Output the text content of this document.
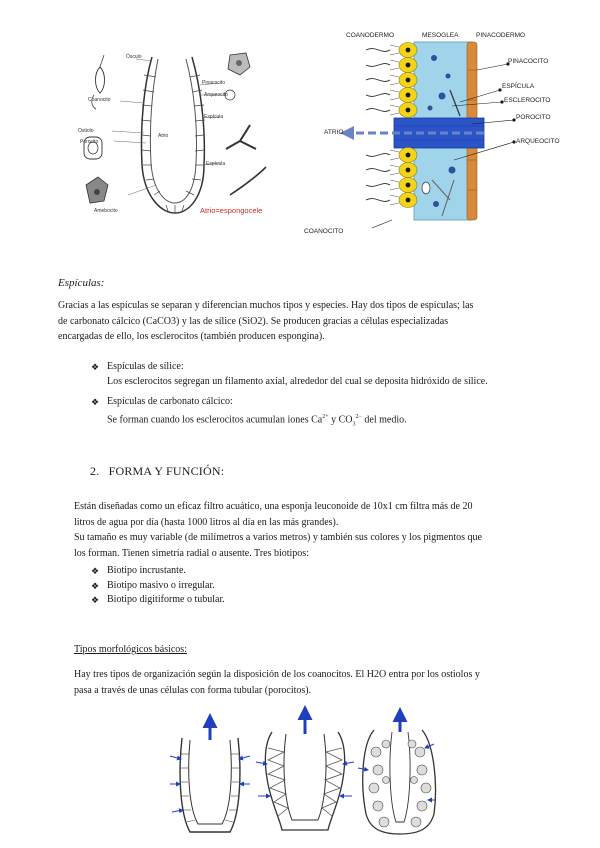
Ósculo
Coanocito
Ostiolo
Porocito
Atrio
Amebocito
Pinacocito
Arqueocito
Espícula
Espícula
Atrio=espongocele
COANODERMO	MESOGLEA	PINACODERMO
PINACOCITO
ESPÍCULA
ESCLEROCITO
POROCITO
ATRIO
ARQUEOCITO
COANOCITO
Espículas:
Gracias a las espículas se separan y diferencian muchos tipos y especies. Hay dos tipos de espículas; las
de carbonato cálcico (CaCO3) y las de sílice (SiO2). Se producen gracias a células especializadas
encargadas de ello, los esclerocitos (también producen espongina).
❖ Espículas de sílice:
Los esclerocitos segregan un filamento axial, alrededor del cual se deposita hidróxido de sílice.
❖ Espículas de carbonato cálcico:
Se forman cuando los esclerocitos acumulan iones $Ca^{2+}$ y $CO_3^{2-}$ del medio.
2. FORMA Y FUNCIÓN:
Están diseñadas como un eficaz filtro acuático, una esponja leuconoide de 10x1 cm filtra más de 20
litros de agua por día (hasta 1000 litros al día en las más grandes).
Su tamaño es muy variable (de milímetros a varios metros) y también sus colores y los pigmentos que
los forman. Tienen simetría radial o ausente. Tres biotipos:
❖ Biotipo incrustante.
❖ Biotipo masivo o irregular.
❖ Biotipo digitiforme o tubular.
Tipos morfológicos básicos:
Hay tres tipos de organización según la disposición de los coanocitos. El H2O entra por los ostiolos y
pasa a través de unas células con forma tubular (porocitos).
